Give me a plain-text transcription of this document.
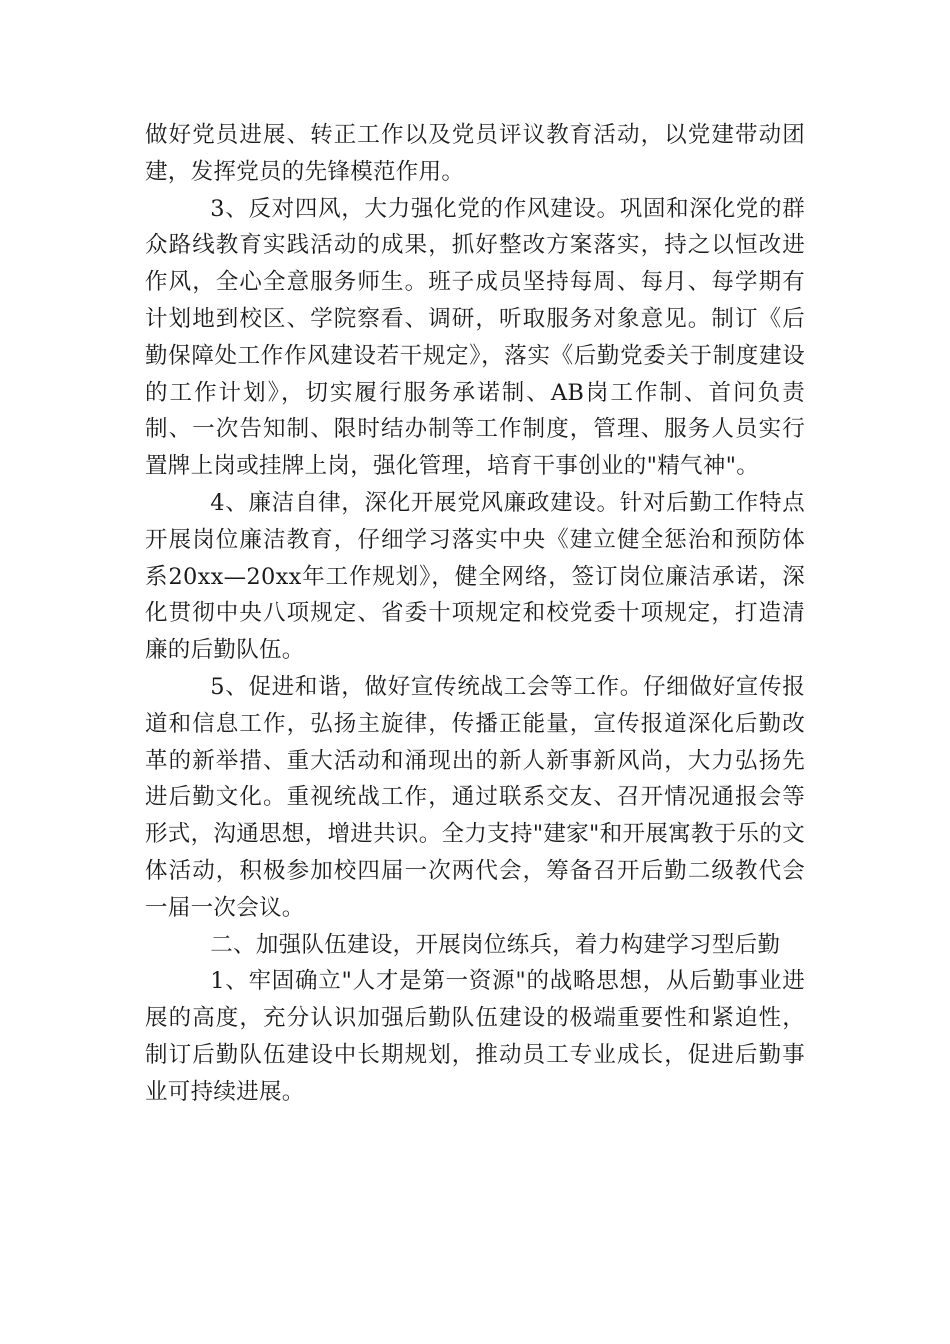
做好党员进展、转正工作以及党员评议教育活动，以党建带动团建，发挥党员的先锋模范作用。

3、反对四风，大力强化党的作风建设。巩固和深化党的群众路线教育实践活动的成果，抓好整改方案落实，持之以恒改进作风，全心全意服务师生。班子成员坚持每周、每月、每学期有计划地到校区、学院察看、调研，听取服务对象意见。制订《后勤保障处工作作风建设若干规定》，落实《后勤党委关于制度建设的工作计划》，切实履行服务承诺制、AB岗工作制、首问负责制、一次告知制、限时结办制等工作制度，管理、服务人员实行置牌上岗或挂牌上岗，强化管理，培育干事创业的"精气神"。

4、廉洁自律，深化开展党风廉政建设。针对后勤工作特点开展岗位廉洁教育，仔细学习落实中央《建立健全惩治和预防体系20xx—20xx年工作规划》，健全网络，签订岗位廉洁承诺，深化贯彻中央八项规定、省委十项规定和校党委十项规定，打造清廉的后勤队伍。

5、促进和谐，做好宣传统战工会等工作。仔细做好宣传报道和信息工作，弘扬主旋律，传播正能量，宣传报道深化后勤改革的新举措、重大活动和涌现出的新人新事新风尚，大力弘扬先进后勤文化。重视统战工作，通过联系交友、召开情况通报会等形式，沟通思想，增进共识。全力支持"建家"和开展寓教于乐的文体活动，积极参加校四届一次两代会，筹备召开后勤二级教代会一届一次会议。

二、加强队伍建设，开展岗位练兵，着力构建学习型后勤

1、牢固确立"人才是第一资源"的战略思想，从后勤事业进展的高度，充分认识加强后勤队伍建设的极端重要性和紧迫性，制订后勤队伍建设中长期规划，推动员工专业成长，促进后勤事业可持续进展。
